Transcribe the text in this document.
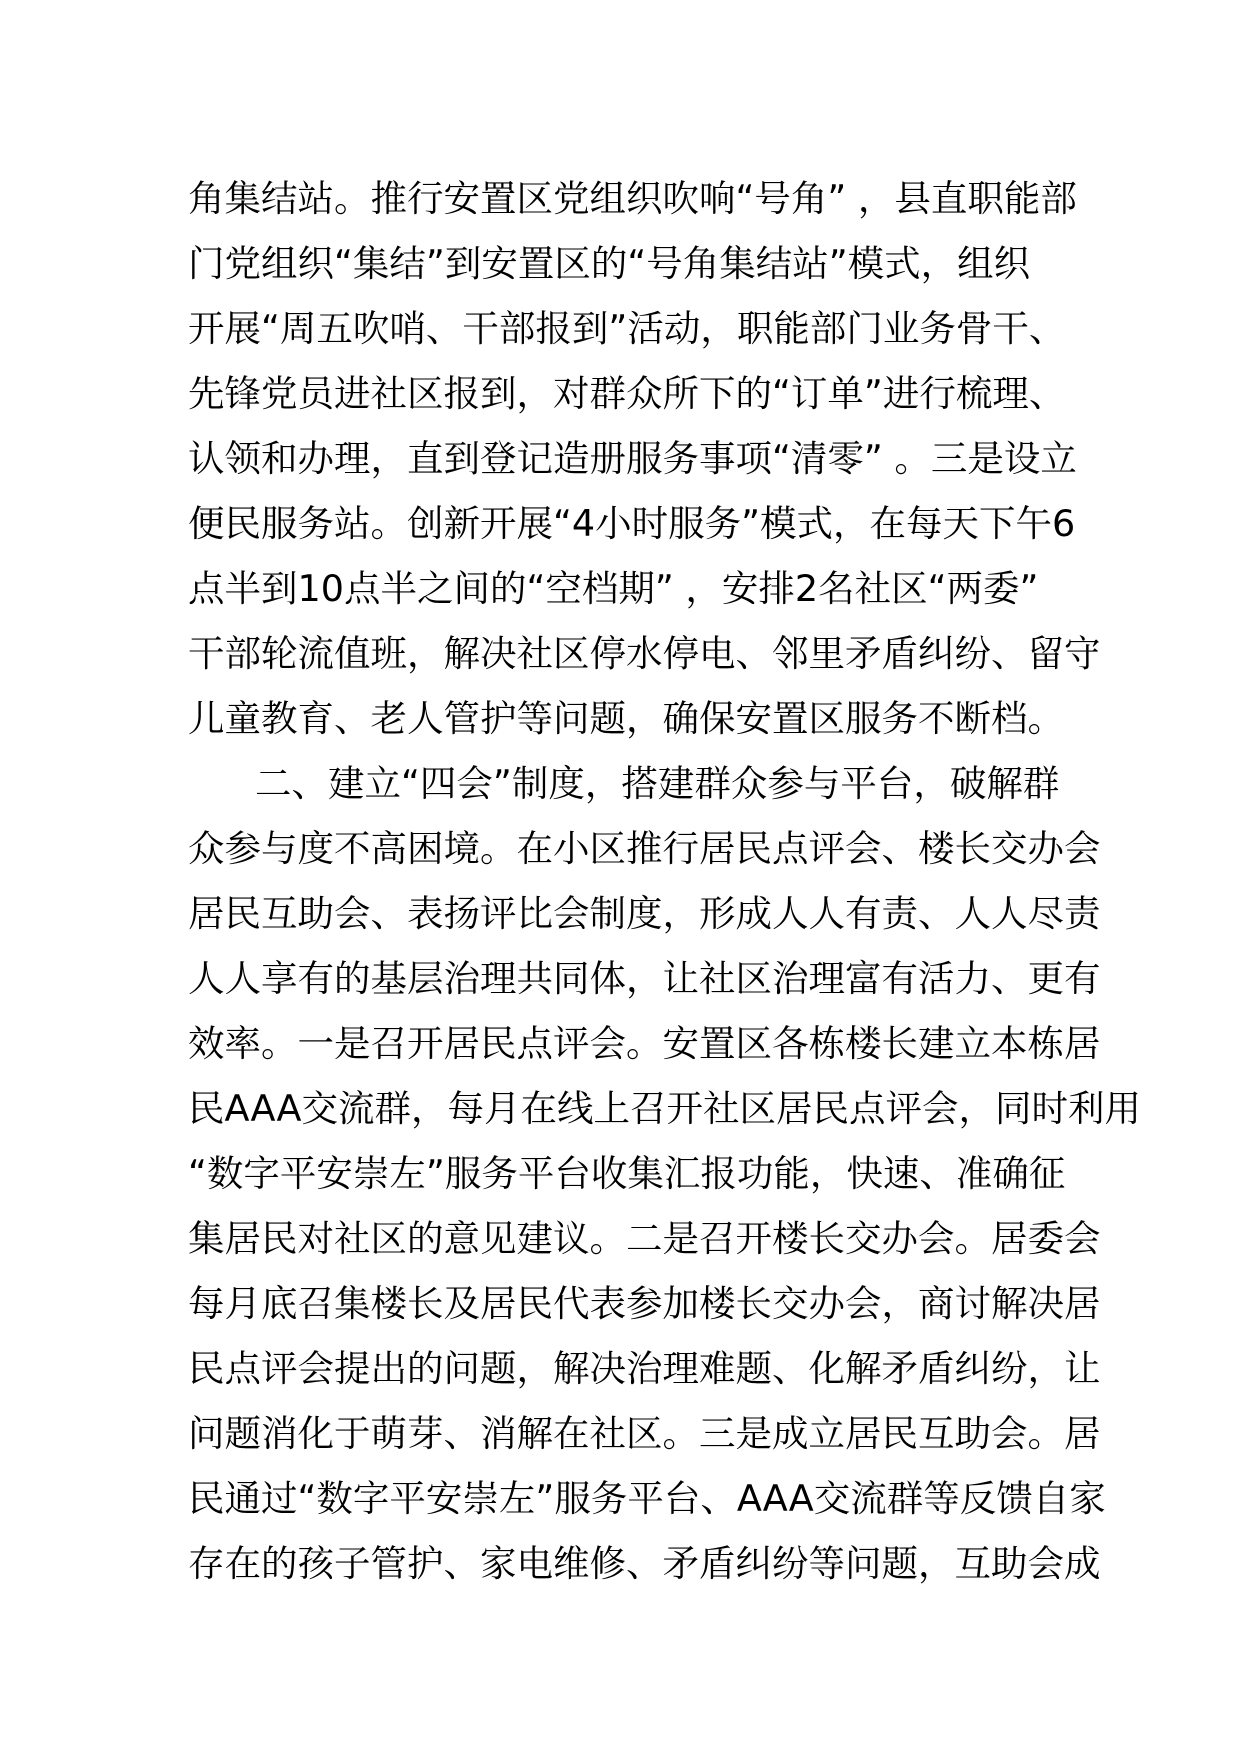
角集结站。推行安置区党组织吹响“号角” ，县直职能部
门党组织“集结”到安置区的“号角集结站”模式，组织
开展“周五吹哨、干部报到”活动，职能部门业务骨干、
先锋党员进社区报到，对群众所下的“订单”进行梳理、
认领和办理，直到登记造册服务事项“清零” 。三是设立
便民服务站。创新开展“4小时服务”模式，在每天下午6
点半到10点半之间的“空档期” ，安排2名社区“两委”
干部轮流值班，解决社区停水停电、邻里矛盾纠纷、留守
儿童教育、老人管护等问题，确保安置区服务不断档。
二、建立“四会”制度，搭建群众参与平台，破解群
众参与度不高困境。在小区推行居民点评会、楼长交办会
居民互助会、表扬评比会制度，形成人人有责、人人尽责
人人享有的基层治理共同体，让社区治理富有活力、更有
效率。一是召开居民点评会。安置区各栋楼长建立本栋居
民AAA交流群，每月在线上召开社区居民点评会，同时利用
“数字平安崇左”服务平台收集汇报功能，快速、准确征
集居民对社区的意见建议。二是召开楼长交办会。居委会
每月底召集楼长及居民代表参加楼长交办会，商讨解决居
民点评会提出的问题，解决治理难题、化解矛盾纠纷，让
问题消化于萌芽、消解在社区。三是成立居民互助会。居
民通过“数字平安崇左”服务平台、AAA交流群等反馈自家
存在的孩子管护、家电维修、矛盾纠纷等问题，互助会成
